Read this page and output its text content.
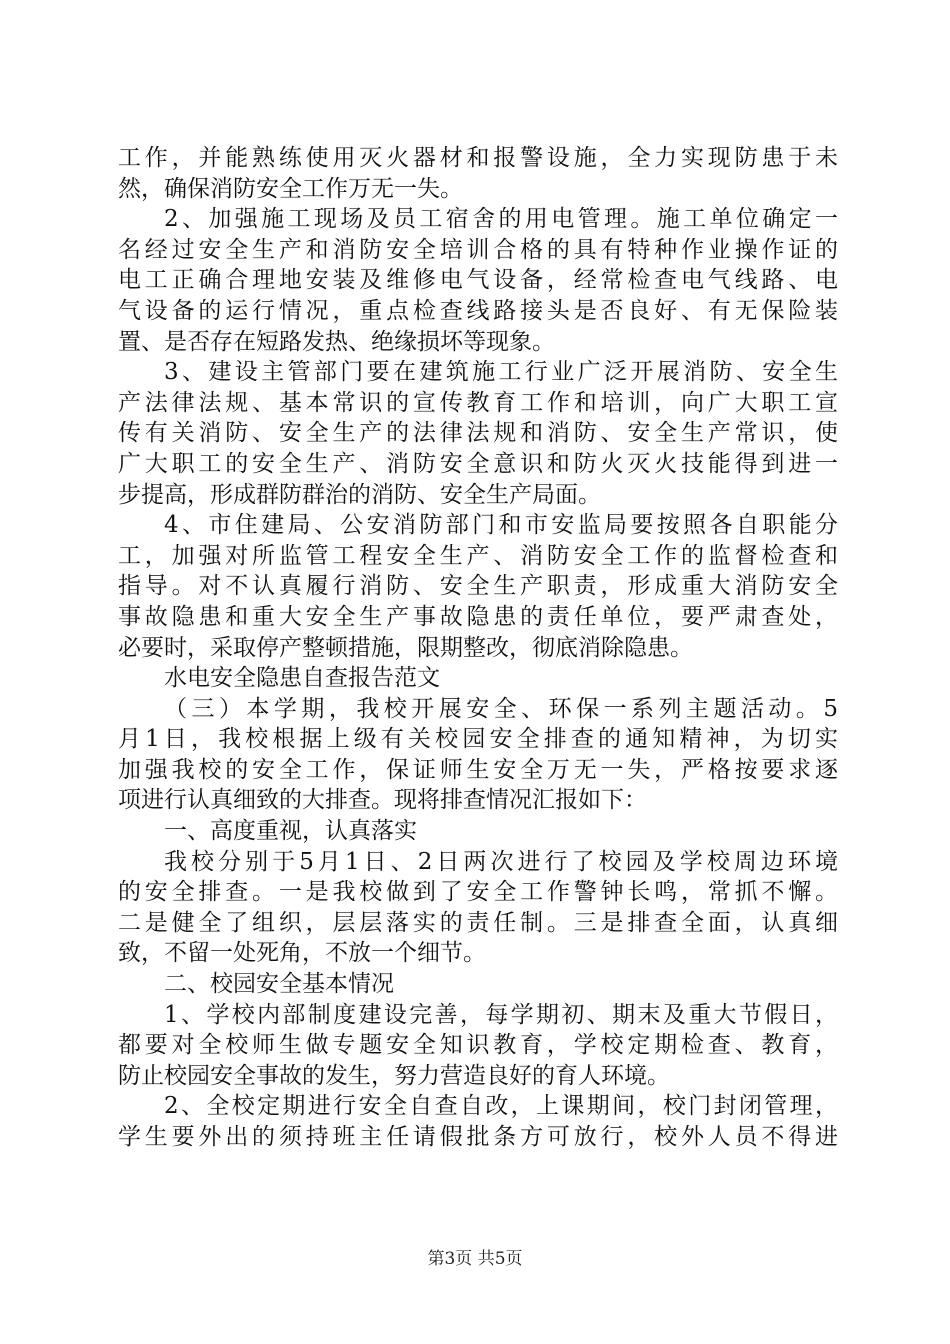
工作，并能熟练使用灭火器材和报警设施，全力实现防患于未
然，确保消防安全工作万无一失。
2、加强施工现场及员工宿舍的用电管理。施工单位确定一
名经过安全生产和消防安全培训合格的具有特种作业操作证的
电工正确合理地安装及维修电气设备，经常检查电气线路、电
气设备的运行情况，重点检查线路接头是否良好、有无保险装
置、是否存在短路发热、绝缘损坏等现象。
3、建设主管部门要在建筑施工行业广泛开展消防、安全生
产法律法规、基本常识的宣传教育工作和培训，向广大职工宣
传有关消防、安全生产的法律法规和消防、安全生产常识，使
广大职工的安全生产、消防安全意识和防火灭火技能得到进一
步提高，形成群防群治的消防、安全生产局面。
4、市住建局、公安消防部门和市安监局要按照各自职能分
工，加强对所监管工程安全生产、消防安全工作的监督检查和
指导。对不认真履行消防、安全生产职责，形成重大消防安全
事故隐患和重大安全生产事故隐患的责任单位，要严肃查处，
必要时，采取停产整顿措施，限期整改，彻底消除隐患。
水电安全隐患自查报告范文
（三）本学期，我校开展安全、环保一系列主题活动。5
月1日，我校根据上级有关校园安全排查的通知精神，为切实
加强我校的安全工作，保证师生安全万无一失，严格按要求逐
项进行认真细致的大排查。现将排查情况汇报如下：
一、高度重视，认真落实
我校分别于5月1日、2日两次进行了校园及学校周边环境
的安全排查。一是我校做到了安全工作警钟长鸣，常抓不懈。
二是健全了组织，层层落实的责任制。三是排查全面，认真细
致，不留一处死角，不放一个细节。
二、校园安全基本情况
1、学校内部制度建设完善，每学期初、期末及重大节假日，
都要对全校师生做专题安全知识教育，学校定期检查、教育，
防止校园安全事故的发生，努力营造良好的育人环境。
2、全校定期进行安全自查自改，上课期间，校门封闭管理，
学生要外出的须持班主任请假批条方可放行，校外人员不得进
第3页 共5页
